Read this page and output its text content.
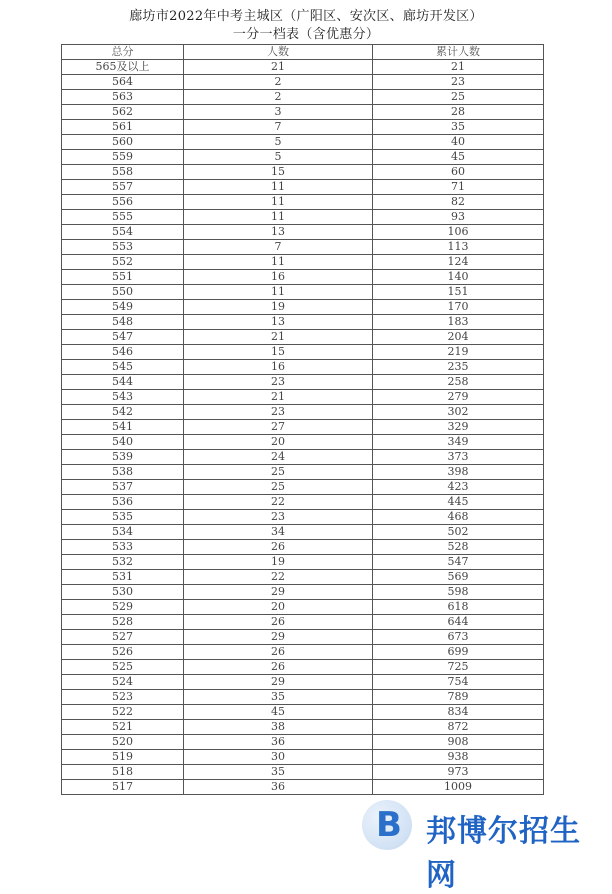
廊坊市2022年中考主城区（广阳区、安次区、廊坊开发区）
一分一档表（含优惠分）
总分	人数	累计人数
565及以上	21	21
564	2	23
563	2	25
562	3	28
561	7	35
560	5	40
559	5	45
558	15	60
557	11	71
556	11	82
555	11	93
554	13	106
553	7	113
552	11	124
551	16	140
550	11	151
549	19	170
548	13	183
547	21	204
546	15	219
545	16	235
544	23	258
543	21	279
542	23	302
541	27	329
540	20	349
539	24	373
538	25	398
537	25	423
536	22	445
535	23	468
534	34	502
533	26	528
532	19	547
531	22	569
530	29	598
529	20	618
528	26	644
527	29	673
526	26	699
525	26	725
524	29	754
523	35	789
522	45	834
521	38	872
520	36	908
519	30	938
518	35	973
517	36	1009
B 邦博尔招生网
